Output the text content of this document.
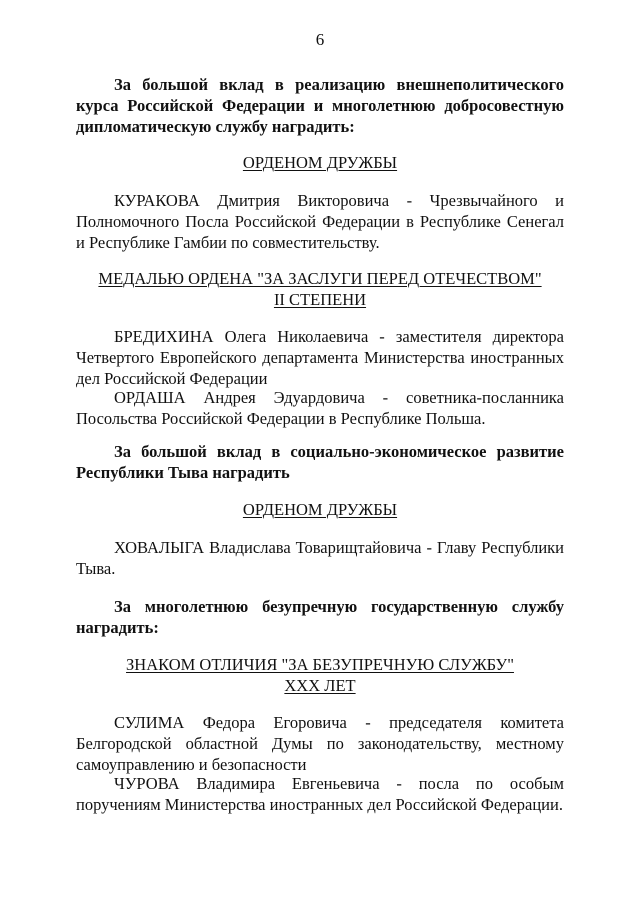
6
За большой вклад в реализацию внешнеполитического курса Российской Федерации и многолетнюю добросовестную дипломатическую службу наградить:
ОРДЕНОМ ДРУЖБЫ
КУРАКОВА Дмитрия Викторовича - Чрезвычайного и Полномочного Посла Российской Федерации в Республике Сенегал и Республике Гамбии по совместительству.
МЕДАЛЬЮ ОРДЕНА "ЗА ЗАСЛУГИ ПЕРЕД ОТЕЧЕСТВОМ"
II СТЕПЕНИ
БРЕДИХИНА Олега Николаевича - заместителя директора Четвертого Европейского департамента Министерства иностранных дел Российской Федерации
ОРДАША Андрея Эдуардовича - советника-посланника Посольства Российской Федерации в Республике Польша.
За большой вклад в социально-экономическое развитие Республики Тыва наградить
ОРДЕНОМ ДРУЖБЫ
ХОВАЛЫГА Владислава Товарищтайовича - Главу Республики Тыва.
За многолетнюю безупречную государственную службу наградить:
ЗНАКОМ ОТЛИЧИЯ "ЗА БЕЗУПРЕЧНУЮ СЛУЖБУ"
XXX ЛЕТ
СУЛИМА Федора Егоровича - председателя комитета Белгородской областной Думы по законодательству, местному самоуправлению и безопасности
ЧУРОВА Владимира Евгеньевича - посла по особым поручениям Министерства иностранных дел Российской Федерации.
